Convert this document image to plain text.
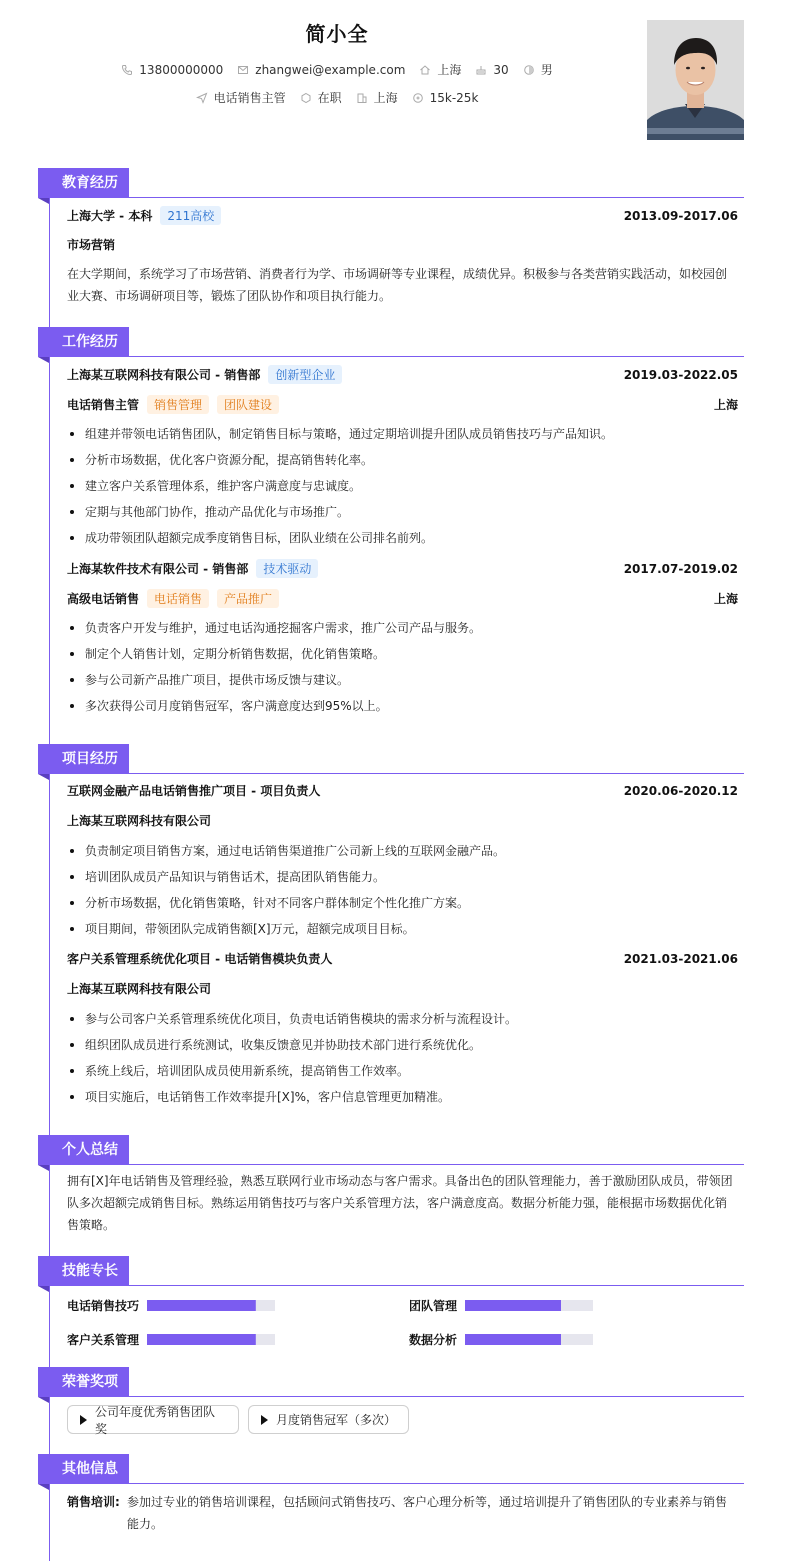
简小全
13800000000	zhangwei@example.com	上海	30	男
电话销售主管	在职	上海	15k-25k
教育经历
上海大学 - 本科	211高校	2013.09-2017.06
市场营销
在大学期间，系统学习了市场营销、消费者行为学、市场调研等专业课程，成绩优异。积极参与各类营销实践活动，如校园创业大赛、市场调研项目等，锻炼了团队协作和项目执行能力。
工作经历
上海某互联网科技有限公司 - 销售部	创新型企业	2019.03-2022.05
电话销售主管	销售管理	团队建设	上海
组建并带领电话销售团队，制定销售目标与策略，通过定期培训提升团队成员销售技巧与产品知识。
分析市场数据，优化客户资源分配，提高销售转化率。
建立客户关系管理体系，维护客户满意度与忠诚度。
定期与其他部门协作，推动产品优化与市场推广。
成功带领团队超额完成季度销售目标，团队业绩在公司排名前列。
上海某软件技术有限公司 - 销售部	技术驱动	2017.07-2019.02
高级电话销售	电话销售	产品推广	上海
负责客户开发与维护，通过电话沟通挖掘客户需求，推广公司产品与服务。
制定个人销售计划，定期分析销售数据，优化销售策略。
参与公司新产品推广项目，提供市场反馈与建议。
多次获得公司月度销售冠军，客户满意度达到95%以上。
项目经历
互联网金融产品电话销售推广项目 - 项目负责人	2020.06-2020.12
上海某互联网科技有限公司
负责制定项目销售方案，通过电话销售渠道推广公司新上线的互联网金融产品。
培训团队成员产品知识与销售话术，提高团队销售能力。
分析市场数据，优化销售策略，针对不同客户群体制定个性化推广方案。
项目期间，带领团队完成销售额[X]万元，超额完成项目目标。
客户关系管理系统优化项目 - 电话销售模块负责人	2021.03-2021.06
上海某互联网科技有限公司
参与公司客户关系管理系统优化项目，负责电话销售模块的需求分析与流程设计。
组织团队成员进行系统测试，收集反馈意见并协助技术部门进行系统优化。
系统上线后，培训团队成员使用新系统，提高销售工作效率。
项目实施后，电话销售工作效率提升[X]%，客户信息管理更加精准。
个人总结
拥有[X]年电话销售及管理经验，熟悉互联网行业市场动态与客户需求。具备出色的团队管理能力，善于激励团队成员，带领团队多次超额完成销售目标。熟练运用销售技巧与客户关系管理方法，客户满意度高。数据分析能力强，能根据市场数据优化销售策略。
技能专长
电话销售技巧	团队管理
客户关系管理	数据分析
荣誉奖项
公司年度优秀销售团队奖
月度销售冠军（多次）
其他信息
销售培训: 参加过专业的销售培训课程，包括顾问式销售技巧、客户心理分析等，通过培训提升了销售团队的专业素养与销售能力。
